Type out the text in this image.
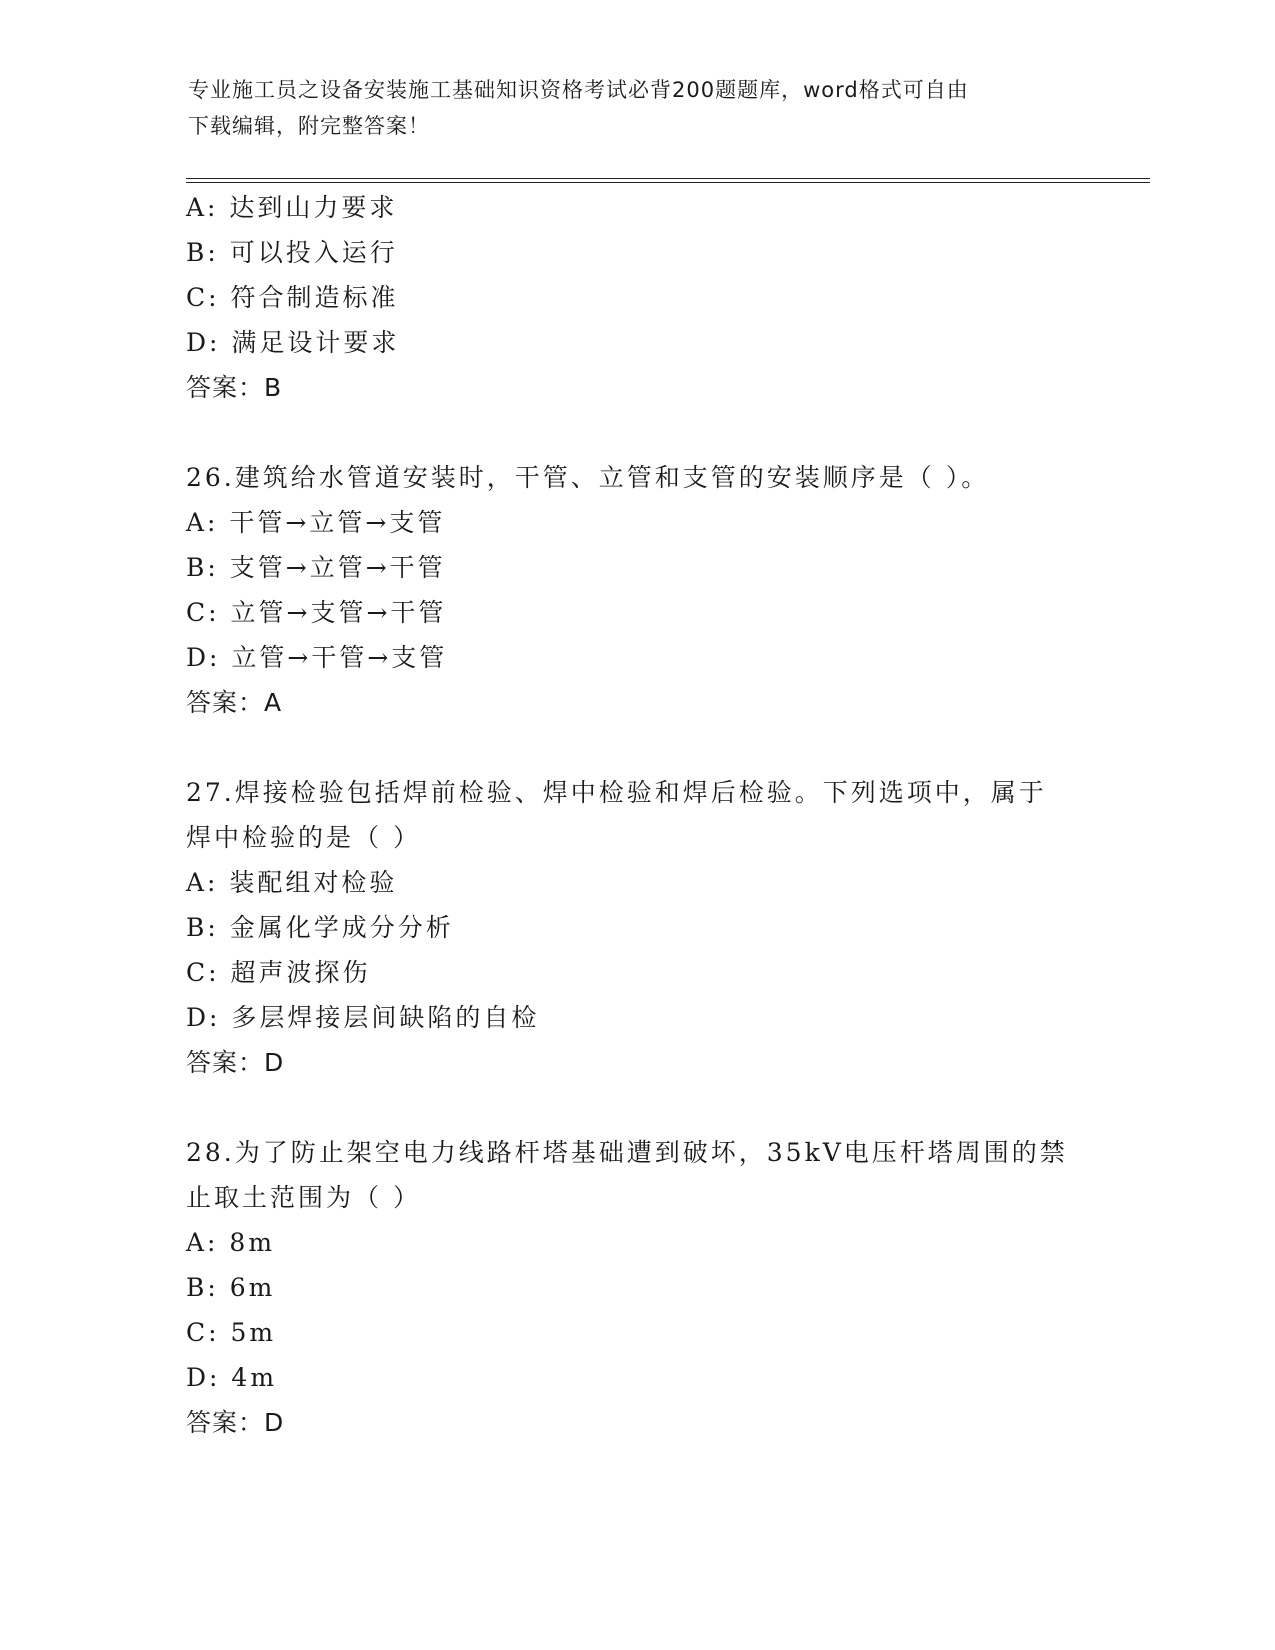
专业施工员之设备安装施工基础知识资格考试必背200题题库，word格式可自由
下载编辑，附完整答案！
A: 达到山力要求
B: 可以投入运行
C: 符合制造标准
D: 满足设计要求
答案：B
26.建筑给水管道安装时，干管、立管和支管的安装顺序是（ ）。
A: 干管→立管→支管
B: 支管→立管→干管
C: 立管→支管→干管
D: 立管→干管→支管
答案：A
27.焊接检验包括焊前检验、焊中检验和焊后检验。下列选项中，属于
焊中检验的是（ ）
A: 装配组对检验
B: 金属化学成分分析
C: 超声波探伤
D: 多层焊接层间缺陷的自检
答案：D
28.为了防止架空电力线路杆塔基础遭到破坏，35kV电压杆塔周围的禁
止取土范围为（ ）
A: 8m
B: 6m
C: 5m
D: 4m
答案：D
